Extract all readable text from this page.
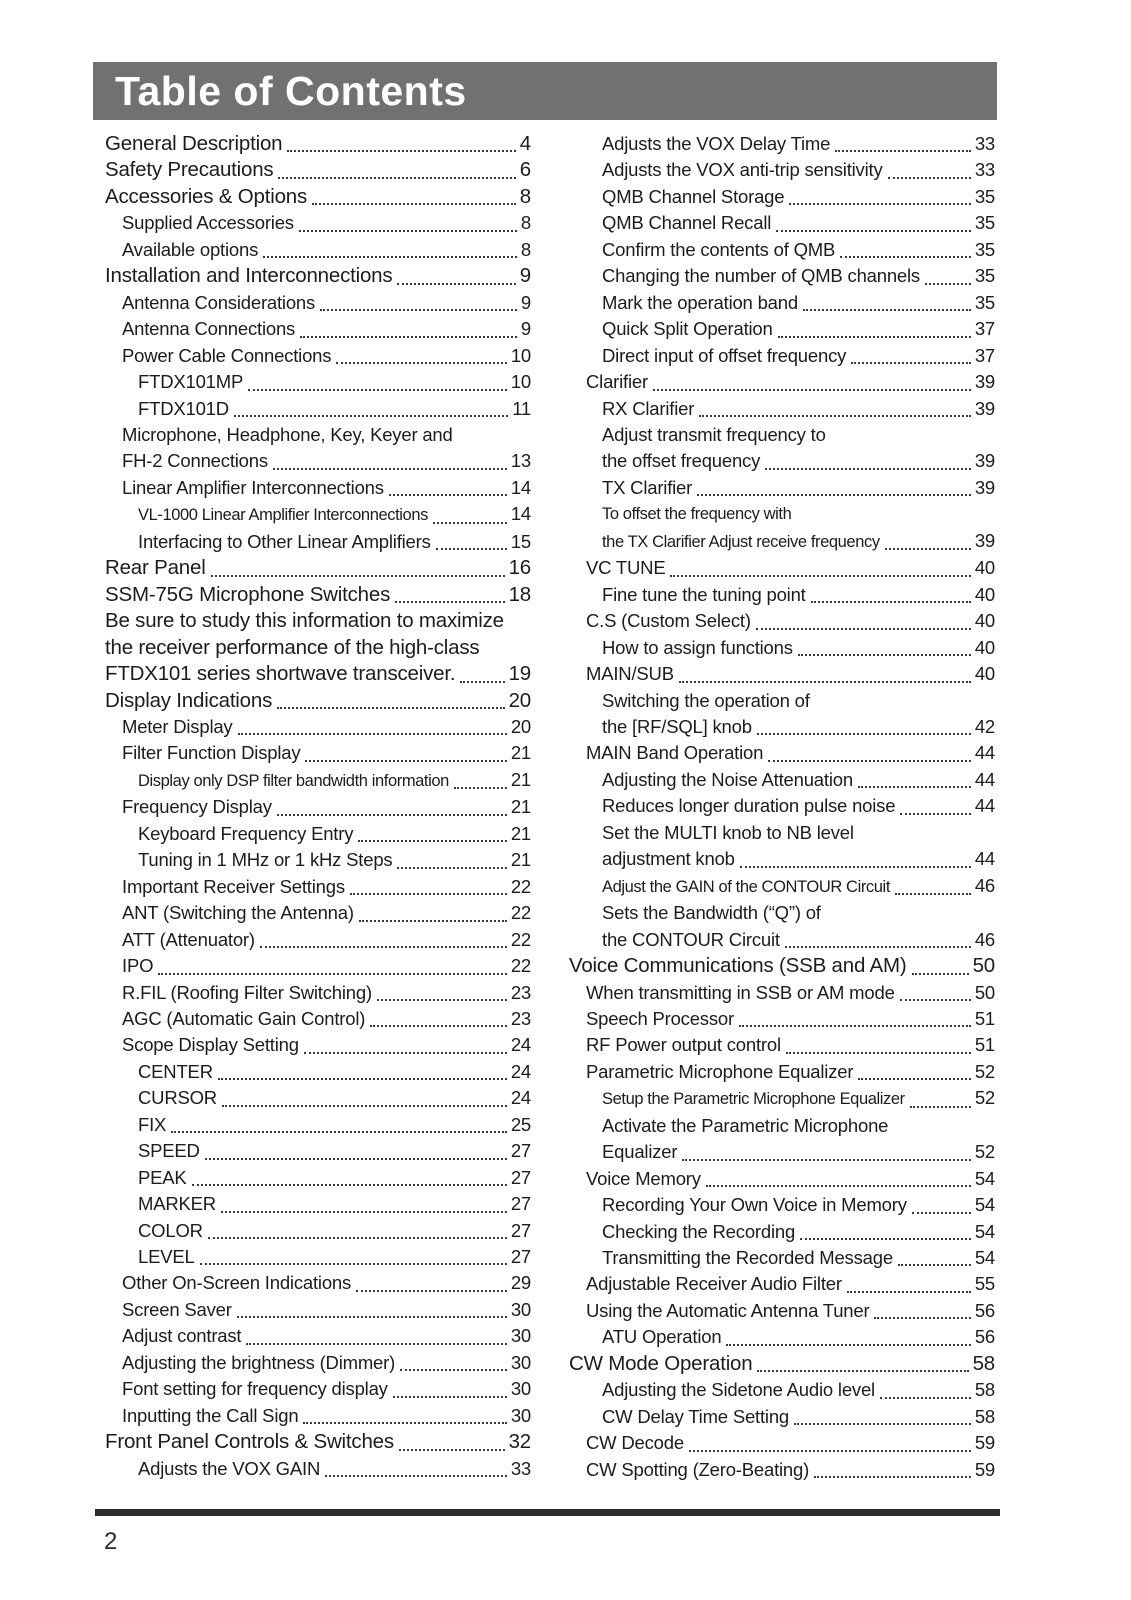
Table of Contents
General Description	4
Safety Precautions	6
Accessories & Options	8
Supplied Accessories	8
Available options	8
Installation and Interconnections	9
Antenna Considerations	9
Antenna Connections	9
Power Cable Connections	10
FTDX101MP	10
FTDX101D	11
Microphone, Headphone, Key, Keyer and
FH-2 Connections	13
Linear Amplifier Interconnections	14
VL-1000 Linear Amplifier Interconnections	14
Interfacing to Other Linear Amplifiers	15
Rear Panel	16
SSM-75G Microphone Switches	18
Be sure to study this information to maximize
the receiver performance of the high-class
FTDX101 series shortwave transceiver.	19
Display Indications	20
Meter Display	20
Filter Function Display	21
Display only DSP filter bandwidth information	21
Frequency Display	21
Keyboard Frequency Entry	21
Tuning in 1 MHz or 1 kHz Steps	21
Important Receiver Settings	22
ANT (Switching the Antenna)	22
ATT (Attenuator)	22
IPO	22
R.FIL (Roofing Filter Switching)	23
AGC (Automatic Gain Control)	23
Scope Display Setting	24
CENTER	24
CURSOR	24
FIX	25
SPEED	27
PEAK	27
MARKER	27
COLOR	27
LEVEL	27
Other On-Screen Indications	29
Screen Saver	30
Adjust contrast	30
Adjusting the brightness (Dimmer)	30
Font setting for frequency display	30
Inputting the Call Sign	30
Front Panel Controls & Switches	32
Adjusts the VOX GAIN	33
Adjusts the VOX Delay Time	33
Adjusts the VOX anti-trip sensitivity	33
QMB Channel Storage	35
QMB Channel Recall	35
Confirm the contents of QMB	35
Changing the number of QMB channels	35
Mark the operation band	35
Quick Split Operation	37
Direct input of offset frequency	37
Clarifier	39
RX Clarifier	39
Adjust transmit frequency to
the offset frequency	39
TX Clarifier	39
To offset the frequency with
the TX Clarifier Adjust receive frequency	39
VC TUNE	40
Fine tune the tuning point	40
C.S (Custom Select)	40
How to assign functions	40
MAIN/SUB	40
Switching the operation of
the [RF/SQL] knob	42
MAIN Band Operation	44
Adjusting the Noise Attenuation	44
Reduces longer duration pulse noise	44
Set the MULTI knob to NB level
adjustment knob	44
Adjust the GAIN of the CONTOUR Circuit	46
Sets the Bandwidth (“Q”) of
the CONTOUR Circuit	46
Voice Communications (SSB and AM)	50
When transmitting in SSB or AM mode	50
Speech Processor	51
RF Power output control	51
Parametric Microphone Equalizer	52
Setup the Parametric Microphone Equalizer	52
Activate the Parametric Microphone
Equalizer	52
Voice Memory	54
Recording Your Own Voice in Memory	54
Checking the Recording	54
Transmitting the Recorded Message	54
Adjustable Receiver Audio Filter	55
Using the Automatic Antenna Tuner	56
ATU Operation	56
CW Mode Operation	58
Adjusting the Sidetone Audio level	58
CW Delay Time Setting	58
CW Decode	59
CW Spotting (Zero-Beating)	59
2
